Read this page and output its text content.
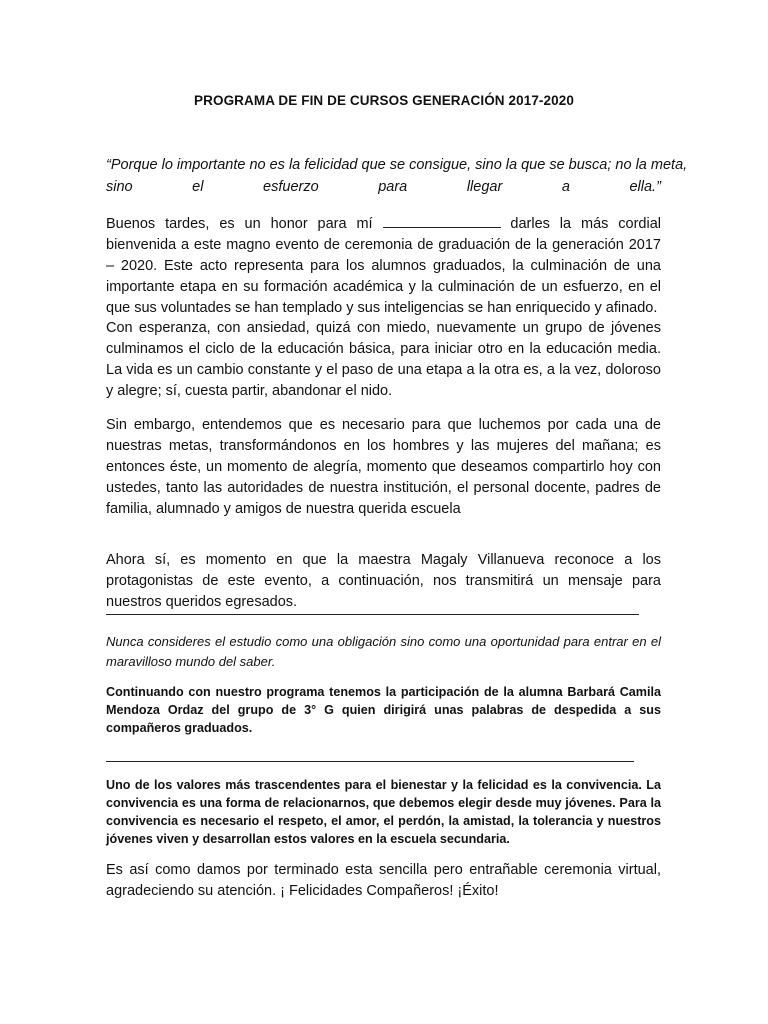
PROGRAMA DE FIN DE CURSOS GENERACIÓN 2017-2020
“Porque lo importante no es la felicidad que se consigue, sino la que se busca; no la meta,
sino	el	esfuerzo	para	llegar	a	ella.”

Buenos tardes, es un honor para mí	darles la más cordial bienvenida a este magno evento de ceremonia de graduación de la generación 2017 – 2020. Este acto representa para los alumnos graduados, la culminación de una importante etapa en su formación académica y la culminación de un esfuerzo, en el que sus voluntades se han templado y sus inteligencias se han enriquecido y afinado.

Con esperanza, con ansiedad, quizá con miedo, nuevamente un grupo de jóvenes culminamos el ciclo de la educación básica, para iniciar otro en la educación media. La vida es un cambio constante y el paso de una etapa a la otra es, a la vez, doloroso y alegre; sí, cuesta partir, abandonar el nido.

Sin embargo, entendemos que es necesario para que luchemos por cada una de nuestras metas, transformándonos en los hombres y las mujeres del mañana; es entonces éste, un momento de alegría, momento que deseamos compartirlo hoy con ustedes, tanto las autoridades de nuestra institución, el personal docente, padres de familia, alumnado y amigos de nuestra querida escuela

Ahora sí, es momento en que la maestra Magaly Villanueva reconoce a los protagonistas de este evento, a continuación, nos transmitirá un mensaje para nuestros queridos egresados.

Nunca consideres el estudio como una obligación sino como una oportunidad para entrar en el maravilloso mundo del saber.

Continuando con nuestro programa tenemos la participación de la alumna Barbará Camila Mendoza Ordaz del grupo de 3° G quien dirigirá unas palabras de despedida a sus compañeros graduados.

Uno de los valores más trascendentes para el bienestar y la felicidad es la convivencia. La convivencia es una forma de relacionarnos, que debemos elegir desde muy jóvenes. Para la convivencia es necesario el respeto, el amor, el perdón, la amistad, la tolerancia y nuestros jóvenes viven y desarrollan estos valores en la escuela secundaria.

Es así como damos por terminado esta sencilla pero entrañable ceremonia virtual, agradeciendo su atención. ¡ Felicidades Compañeros! ¡Éxito!
